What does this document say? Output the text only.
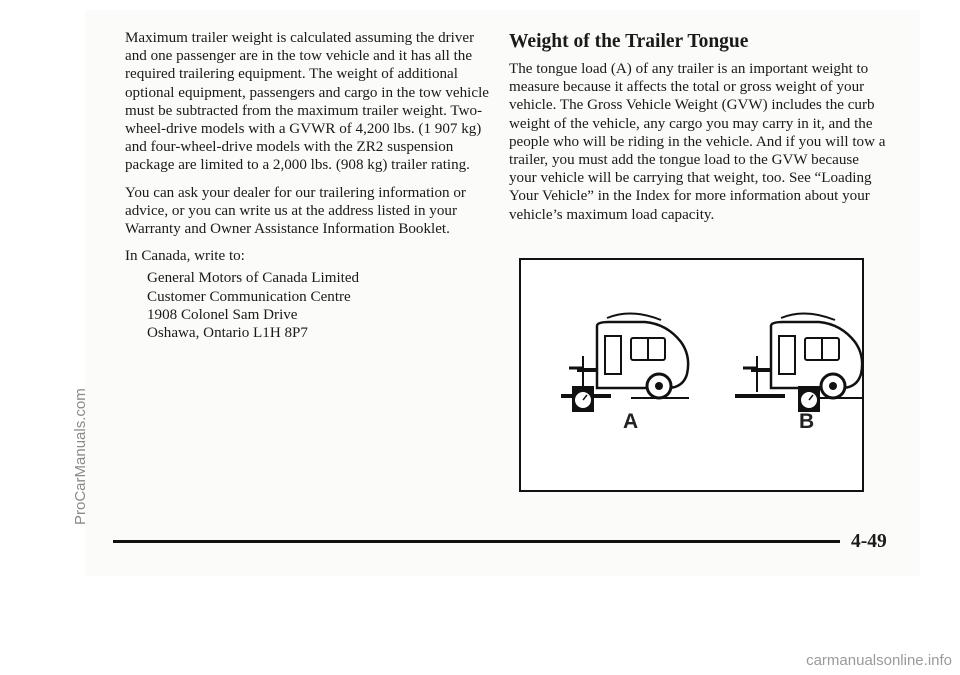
Maximum trailer weight is calculated assuming the driver and one passenger are in the tow vehicle and it has all the required trailering equipment. The weight of additional optional equipment, passengers and cargo in the tow vehicle must be subtracted from the maximum trailer weight. Two-wheel-drive models with a GVWR of 4,200 lbs. (1 907 kg) and four-wheel-drive models with the ZR2 suspension package are limited to a 2,000 lbs. (908 kg) trailer rating.

You can ask your dealer for our trailering information or advice, or you can write us at the address listed in your Warranty and Owner Assistance Information Booklet.

In Canada, write to:

General Motors of Canada Limited
Customer Communication Centre
1908 Colonel Sam Drive
Oshawa, Ontario L1H 8P7
Weight of the Trailer Tongue

The tongue load (A) of any trailer is an important weight to measure because it affects the total or gross weight of your vehicle. The Gross Vehicle Weight (GVW) includes the curb weight of the vehicle, any cargo you may carry in it, and the people who will be riding in the vehicle. And if you will tow a trailer, you must add the tongue load to the GVW because your vehicle will be carrying that weight, too. See “Loading Your Vehicle” in the Index for more information about your vehicle’s maximum load capacity.

A	B
4-49
ProCarManuals.com
carmanualsonline.info
